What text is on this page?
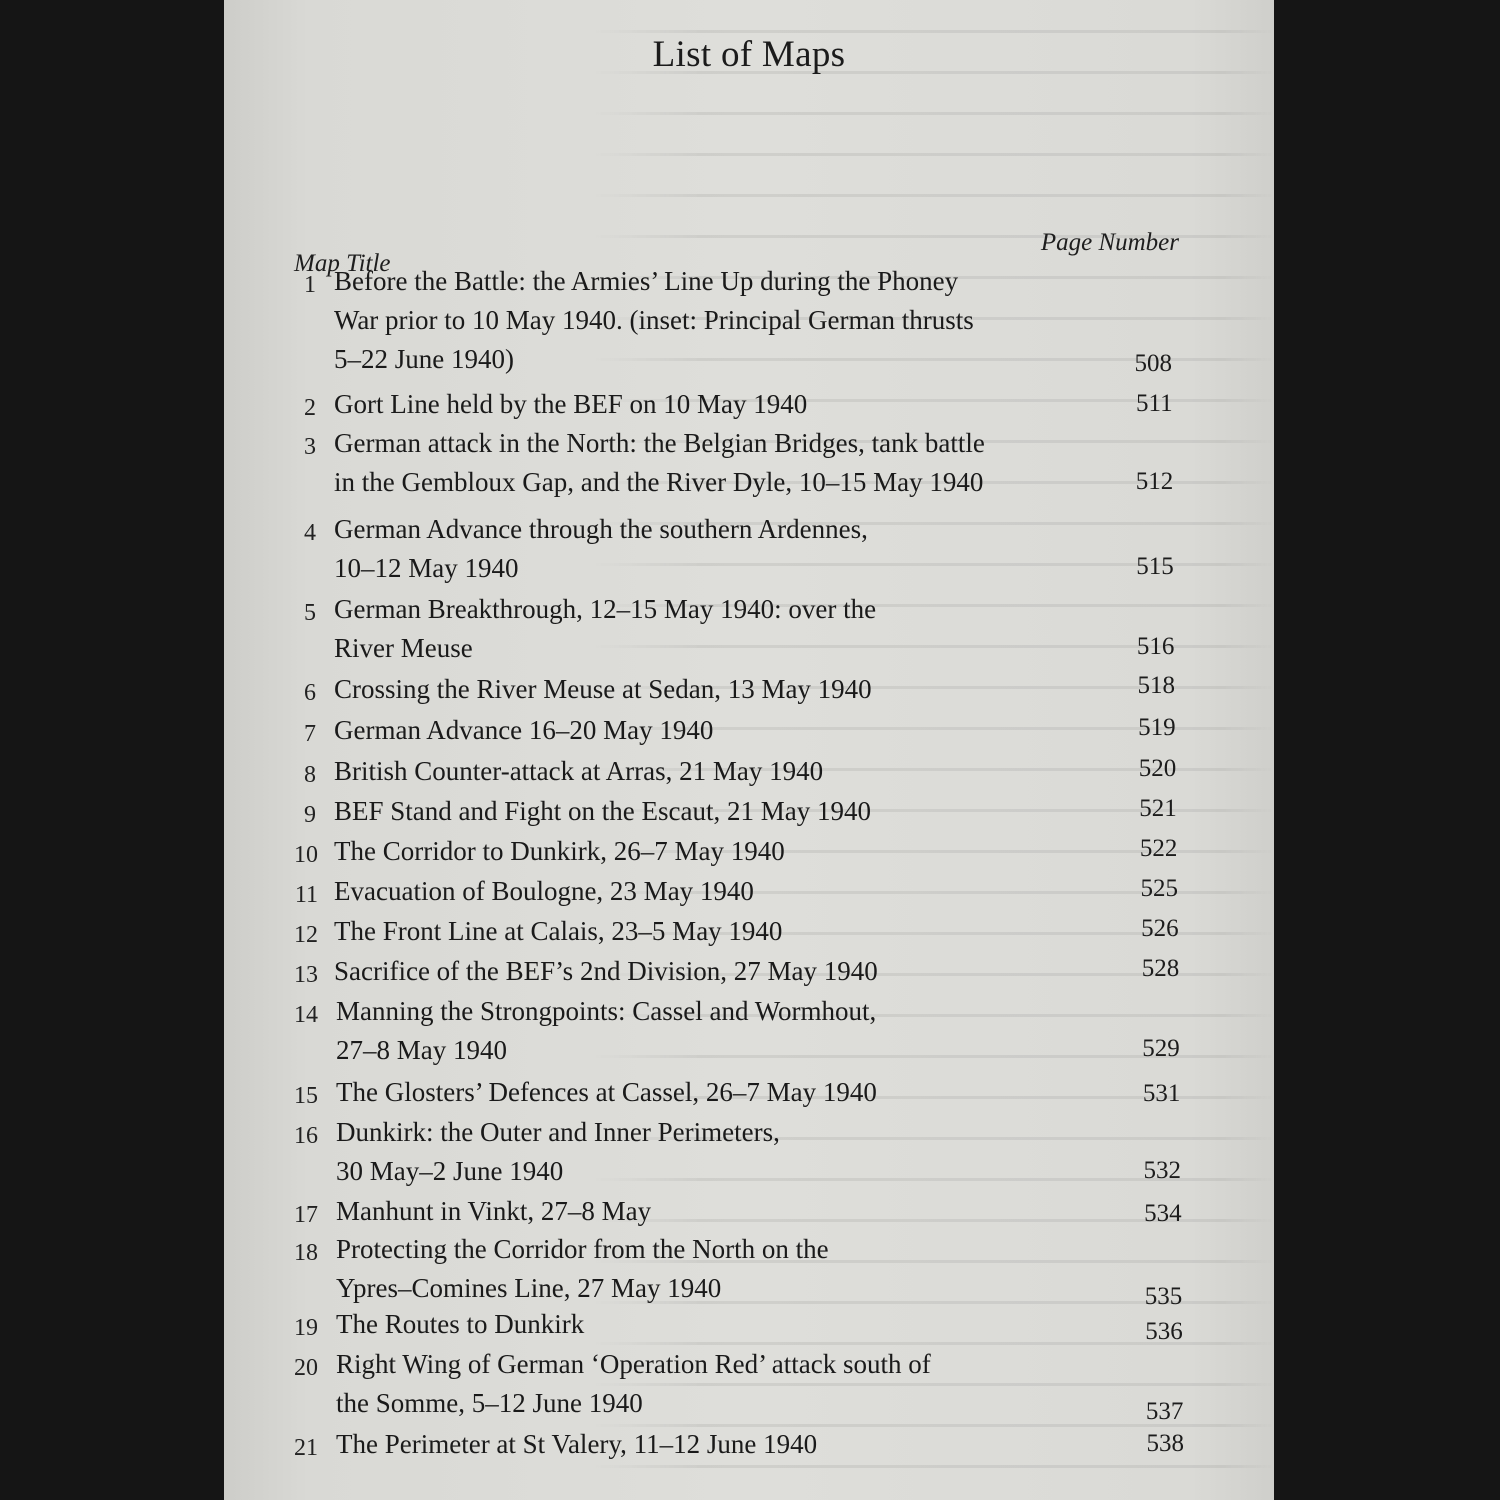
List of Maps
Map Title
Page Number
1 Before the Battle: the Armies’ Line Up during the Phoney
War prior to 10 May 1940. (inset: Principal German thrusts
5–22 June 1940)	508
2 Gort Line held by the BEF on 10 May 1940	511
3 German attack in the North: the Belgian Bridges, tank battle
in the Gembloux Gap, and the River Dyle, 10–15 May 1940	512
4 German Advance through the southern Ardennes,
10–12 May 1940	515
5 German Breakthrough, 12–15 May 1940: over the
River Meuse	516
6 Crossing the River Meuse at Sedan, 13 May 1940	518
7 German Advance 16–20 May 1940	519
8 British Counter-attack at Arras, 21 May 1940	520
9 BEF Stand and Fight on the Escaut, 21 May 1940	521
10 The Corridor to Dunkirk, 26–7 May 1940	522
11 Evacuation of Boulogne, 23 May 1940	525
12 The Front Line at Calais, 23–5 May 1940	526
13 Sacrifice of the BEF’s 2nd Division, 27 May 1940	528
14 Manning the Strongpoints: Cassel and Wormhout,
27–8 May 1940	529
15 The Glosters’ Defences at Cassel, 26–7 May 1940	531
16 Dunkirk: the Outer and Inner Perimeters,
30 May–2 June 1940	532
17 Manhunt in Vinkt, 27–8 May	534
18 Protecting the Corridor from the North on the
Ypres–Comines Line, 27 May 1940	535
19 The Routes to Dunkirk	536
20 Right Wing of German ‘Operation Red’ attack south of
the Somme, 5–12 June 1940	537
21 The Perimeter at St Valery, 11–12 June 1940	538
